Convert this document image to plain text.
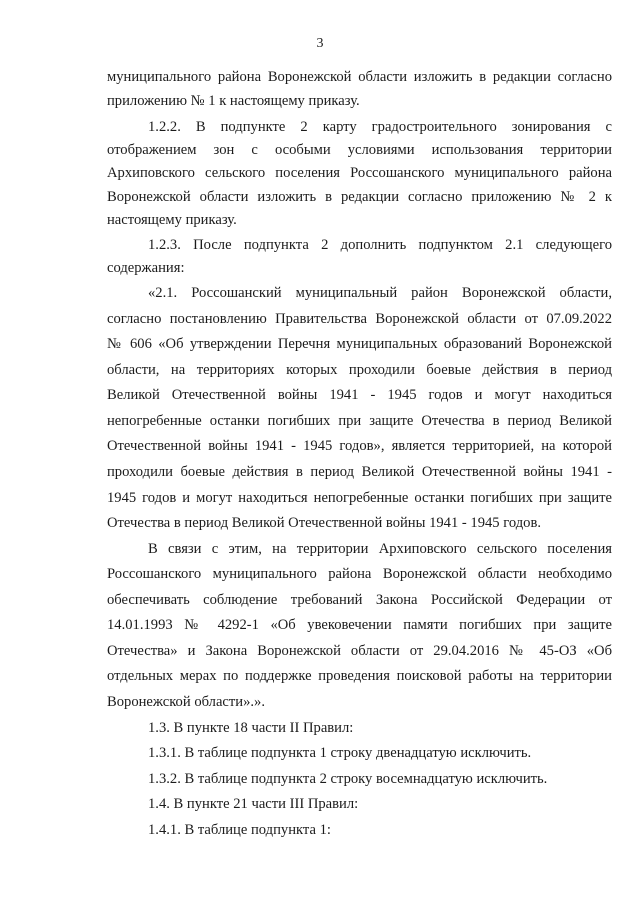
3
муниципального района Воронежской области изложить в редакции согласно
приложению № 1 к настоящему приказу.
1.2.2. В подпункте 2 карту градостроительного зонирования с
отображением зон с особыми условиями использования территории
Архиповского сельского поселения Россошанского муниципального района
Воронежской области изложить в редакции согласно приложению № 2 к
настоящему приказу.
1.2.3. После подпункта 2 дополнить подпунктом 2.1 следующего
содержания:
«2.1. Россошанский муниципальный район Воронежской области,
согласно постановлению Правительства Воронежской области от 07.09.2022
№ 606 «Об утверждении Перечня муниципальных образований Воронежской
области, на территориях которых проходили боевые действия в период
Великой Отечественной войны 1941 - 1945 годов и могут находиться
непогребенные останки погибших при защите Отечества в период Великой
Отечественной войны 1941 - 1945 годов», является территорией, на которой
проходили боевые действия в период Великой Отечественной войны 1941 -
1945 годов и могут находиться непогребенные останки погибших при защите
Отечества в период Великой Отечественной войны 1941 - 1945 годов.
В связи с этим, на территории Архиповского сельского поселения
Россошанского муниципального района Воронежской области необходимо
обеспечивать соблюдение требований Закона Российской Федерации от
14.01.1993 № 4292-1 «Об увековечении памяти погибших при защите
Отечества» и Закона Воронежской области от 29.04.2016 № 45-ОЗ «Об
отдельных мерах по поддержке проведения поисковой работы на территории
Воронежской области».».
1.3. В пункте 18 части II Правил:
1.3.1. В таблице подпункта 1 строку двенадцатую исключить.
1.3.2. В таблице подпункта 2 строку восемнадцатую исключить.
1.4. В пункте 21 части III Правил:
1.4.1. В таблице подпункта 1:
